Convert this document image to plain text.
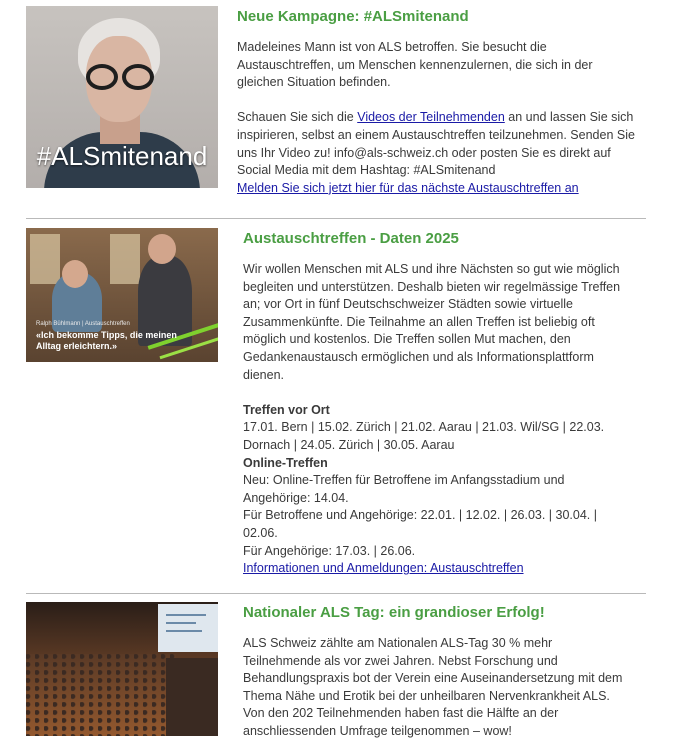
#ALSmitenand
Neue Kampagne: #ALSmitenand

Madeleines Mann ist von ALS betroffen. Sie besucht die Austauschtreffen, um Menschen kennenzulernen, die sich in der gleichen Situation befinden.

Schauen Sie sich die Videos der Teilnehmenden an und lassen Sie sich inspirieren, selbst an einem Austauschtreffen teilzunehmen. Senden Sie uns Ihr Video zu! info@als-schweiz.ch oder posten Sie es direkt auf Social Media mit dem Hashtag: #ALSmitenand

Melden Sie sich jetzt hier für das nächste Austauschtreffen an

Ralph Bühlmann | Austauschtreffen
«Ich bekomme Tipps, die meinen Alltag erleichtern.»
Austauschtreffen - Daten 2025

Wir wollen Menschen mit ALS und ihre Nächsten so gut wie möglich begleiten und unterstützen. Deshalb bieten wir regelmässige Treffen an; vor Ort in fünf Deutschschweizer Städten sowie virtuelle Zusammenkünfte. Die Teilnahme an allen Treffen ist beliebig oft möglich und kostenlos. Die Treffen sollen Mut machen, den Gedankenaustausch ermöglichen und als Informationsplattform dienen.

Treffen vor Ort

17.01. Bern | 15.02. Zürich | 21.02. Aarau | 21.03. Wil/SG | 22.03. Dornach | 24.05. Zürich | 30.05. Aarau

Online-Treffen

Neu: Online-Treffen für Betroffene im Anfangsstadium und Angehörige: 14.04.

Für Betroffene und Angehörige: 22.01. | 12.02. | 26.03. | 30.04. | 02.06.

Für Angehörige: 17.03. | 26.06.

Informationen und Anmeldungen: Austauschtreffen

Nationaler ALS Tag: ein grandioser Erfolg!

ALS Schweiz zählte am Nationalen ALS-Tag 30 % mehr Teilnehmende als vor zwei Jahren. Nebst Forschung und Behandlungspraxis bot der Verein eine Auseinandersetzung mit dem Thema Nähe und Erotik bei der unheilbaren Nervenkrankheit ALS. Von den 202 Teilnehmenden haben fast die Hälfte an der anschliessenden Umfrage teilgenommen – wow!
